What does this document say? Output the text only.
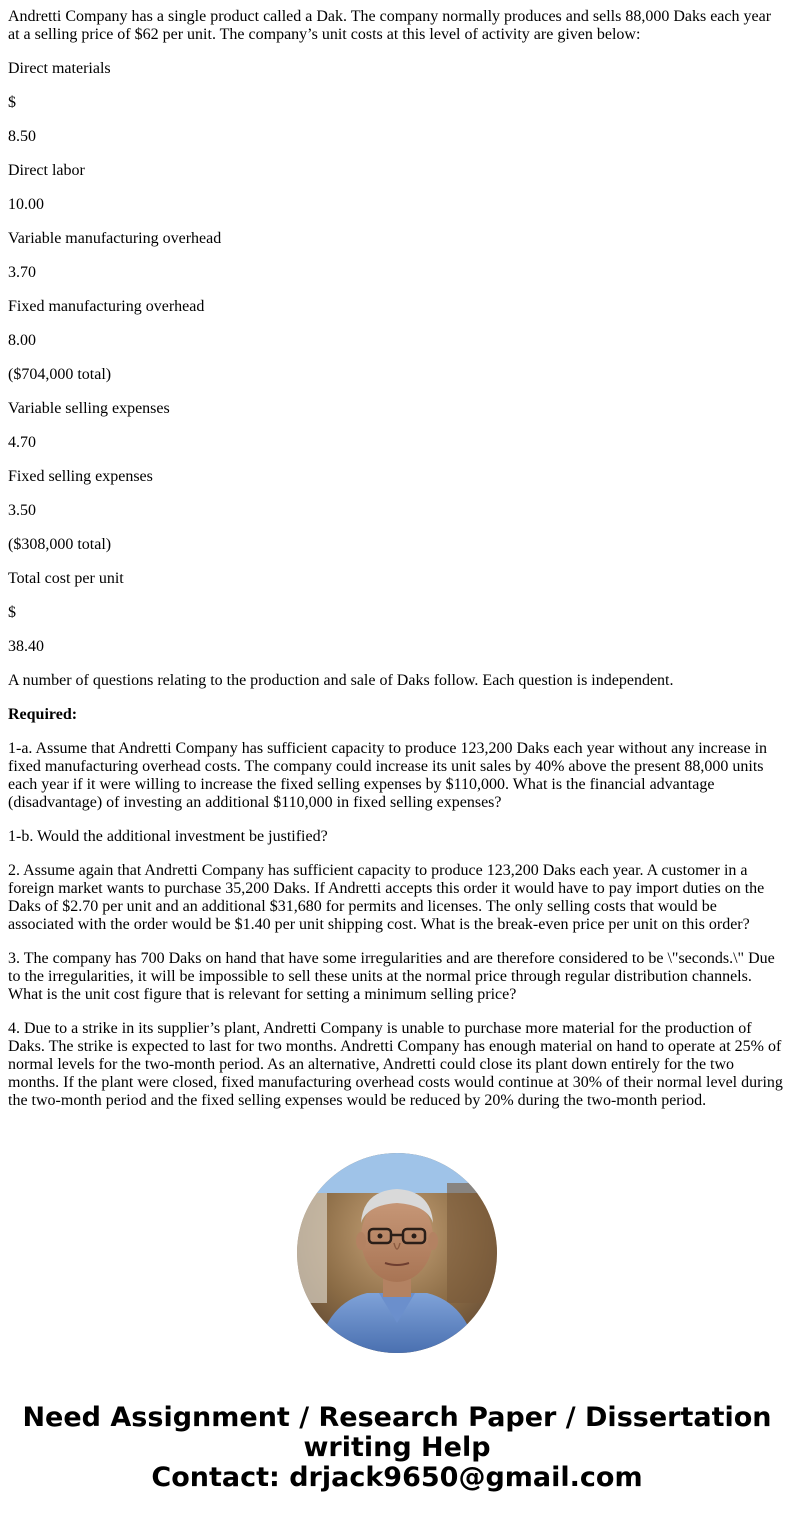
Andretti Company has a single product called a Dak. The company normally produces and sells 88,000 Daks each year at a selling price of $62 per unit. The company’s unit costs at this level of activity are given below:

Direct materials

$

8.50

Direct labor

10.00

Variable manufacturing overhead

3.70

Fixed manufacturing overhead

8.00

($704,000 total)

Variable selling expenses

4.70

Fixed selling expenses

3.50

($308,000 total)

Total cost per unit

$

38.40

A number of questions relating to the production and sale of Daks follow. Each question is independent.

Required:

1-a. Assume that Andretti Company has sufficient capacity to produce 123,200 Daks each year without any increase in fixed manufacturing overhead costs. The company could increase its unit sales by 40% above the present 88,000 units each year if it were willing to increase the fixed selling expenses by $110,000. What is the financial advantage (disadvantage) of investing an additional $110,000 in fixed selling expenses?

1-b. Would the additional investment be justified?

2. Assume again that Andretti Company has sufficient capacity to produce 123,200 Daks each year. A customer in a foreign market wants to purchase 35,200 Daks. If Andretti accepts this order it would have to pay import duties on the Daks of $2.70 per unit and an additional $31,680 for permits and licenses. The only selling costs that would be associated with the order would be $1.40 per unit shipping cost. What is the break-even price per unit on this order?

3. The company has 700 Daks on hand that have some irregularities and are therefore considered to be \"seconds.\" Due to the irregularities, it will be impossible to sell these units at the normal price through regular distribution channels. What is the unit cost figure that is relevant for setting a minimum selling price?

4. Due to a strike in its supplier’s plant, Andretti Company is unable to purchase more material for the production of Daks. The strike is expected to last for two months. Andretti Company has enough material on hand to operate at 25% of normal levels for the two-month period. As an alternative, Andretti could close its plant down entirely for the two months. If the plant were closed, fixed manufacturing overhead costs would continue at 30% of their normal level during the two-month period and the fixed selling expenses would be reduced by 20% during the two-month period.

Need Assignment / Research Paper / Dissertation
writing Help
Contact: drjack9650@gmail.com
